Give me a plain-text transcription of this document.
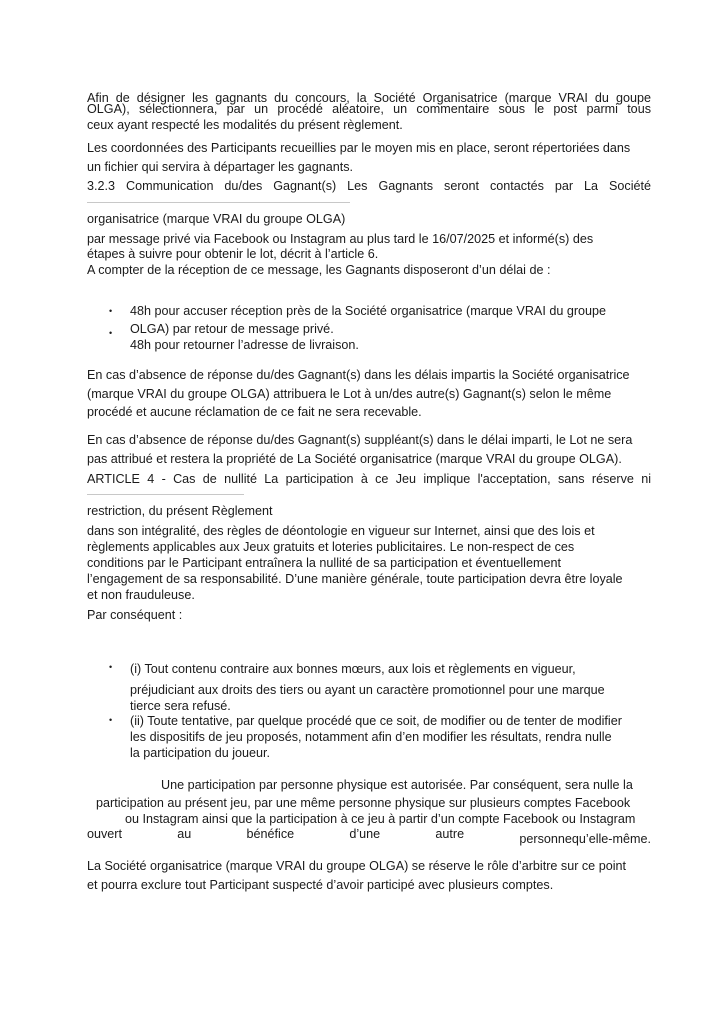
Afin de désigner les gagnants du concours, la Société Organisatrice (marque VRAI du goupe

OLGA), sélectionnera, par un procédé aléatoire, un commentaire sous le post parmi tous

ceux ayant respecté les modalités du présent règlement.

Les coordonnées des Participants recueillies par le moyen mis en place, seront répertoriées dans

un fichier qui servira à départager les gagnants.

3.2.3 Communication du/des Gagnant(s) Les Gagnants seront contactés par La Société

organisatrice (marque VRAI du groupe OLGA)

par message privé via Facebook ou Instagram au plus tard le 16/07/2025 et informé(s) des

étapes à suivre pour obtenir le lot, décrit à l’article 6.

A compter de la réception de ce message, les Gagnants disposeront d’un délai de :

• 48h pour accuser réception près de la Société organisatrice (marque VRAI du groupe

• OLGA) par retour de message privé.

48h pour retourner l’adresse de livraison.

En cas d’absence de réponse du/des Gagnant(s) dans les délais impartis la Société organisatrice

(marque VRAI du groupe OLGA) attribuera le Lot à un/des autre(s) Gagnant(s) selon le même

procédé et aucune réclamation de ce fait ne sera recevable.

En cas d’absence de réponse du/des Gagnant(s) suppléant(s) dans le délai imparti, le Lot ne sera

pas attribué et restera la propriété de La Société organisatrice (marque VRAI du groupe OLGA).

ARTICLE 4 - Cas de nullité La participation à ce Jeu implique l'acceptation, sans réserve ni

restriction, du présent Règlement

dans son intégralité, des règles de déontologie en vigueur sur Internet, ainsi que des lois et

règlements applicables aux Jeux gratuits et loteries publicitaires. Le non-respect de ces

conditions par le Participant entraînera la nullité de sa participation et éventuellement

l’engagement de sa responsabilité. D’une manière générale, toute participation devra être loyale

et non frauduleuse.

Par conséquent :

• (i) Tout contenu contraire aux bonnes mœurs, aux lois et règlements en vigueur,

préjudiciant aux droits des tiers ou ayant un caractère promotionnel pour une marque

tierce sera refusé.

• (ii) Toute tentative, par quelque procédé que ce soit, de modifier ou de tenter de modifier

les dispositifs de jeu proposés, notamment afin d’en modifier les résultats, rendra nulle

la participation du joueur.

Une participation par personne physique est autorisée. Par conséquent, sera nulle la

participation au présent jeu, par une même personne physique sur plusieurs comptes Facebook

ou Instagram ainsi que la participation à ce jeu à partir d’un compte Facebook ou Instagram

ouvert	au	bénéfice	d’une	autre	personnequ’elle-même.

La Société organisatrice (marque VRAI du groupe OLGA) se réserve le rôle d’arbitre sur ce point

et pourra exclure tout Participant suspecté d’avoir participé avec plusieurs comptes.
